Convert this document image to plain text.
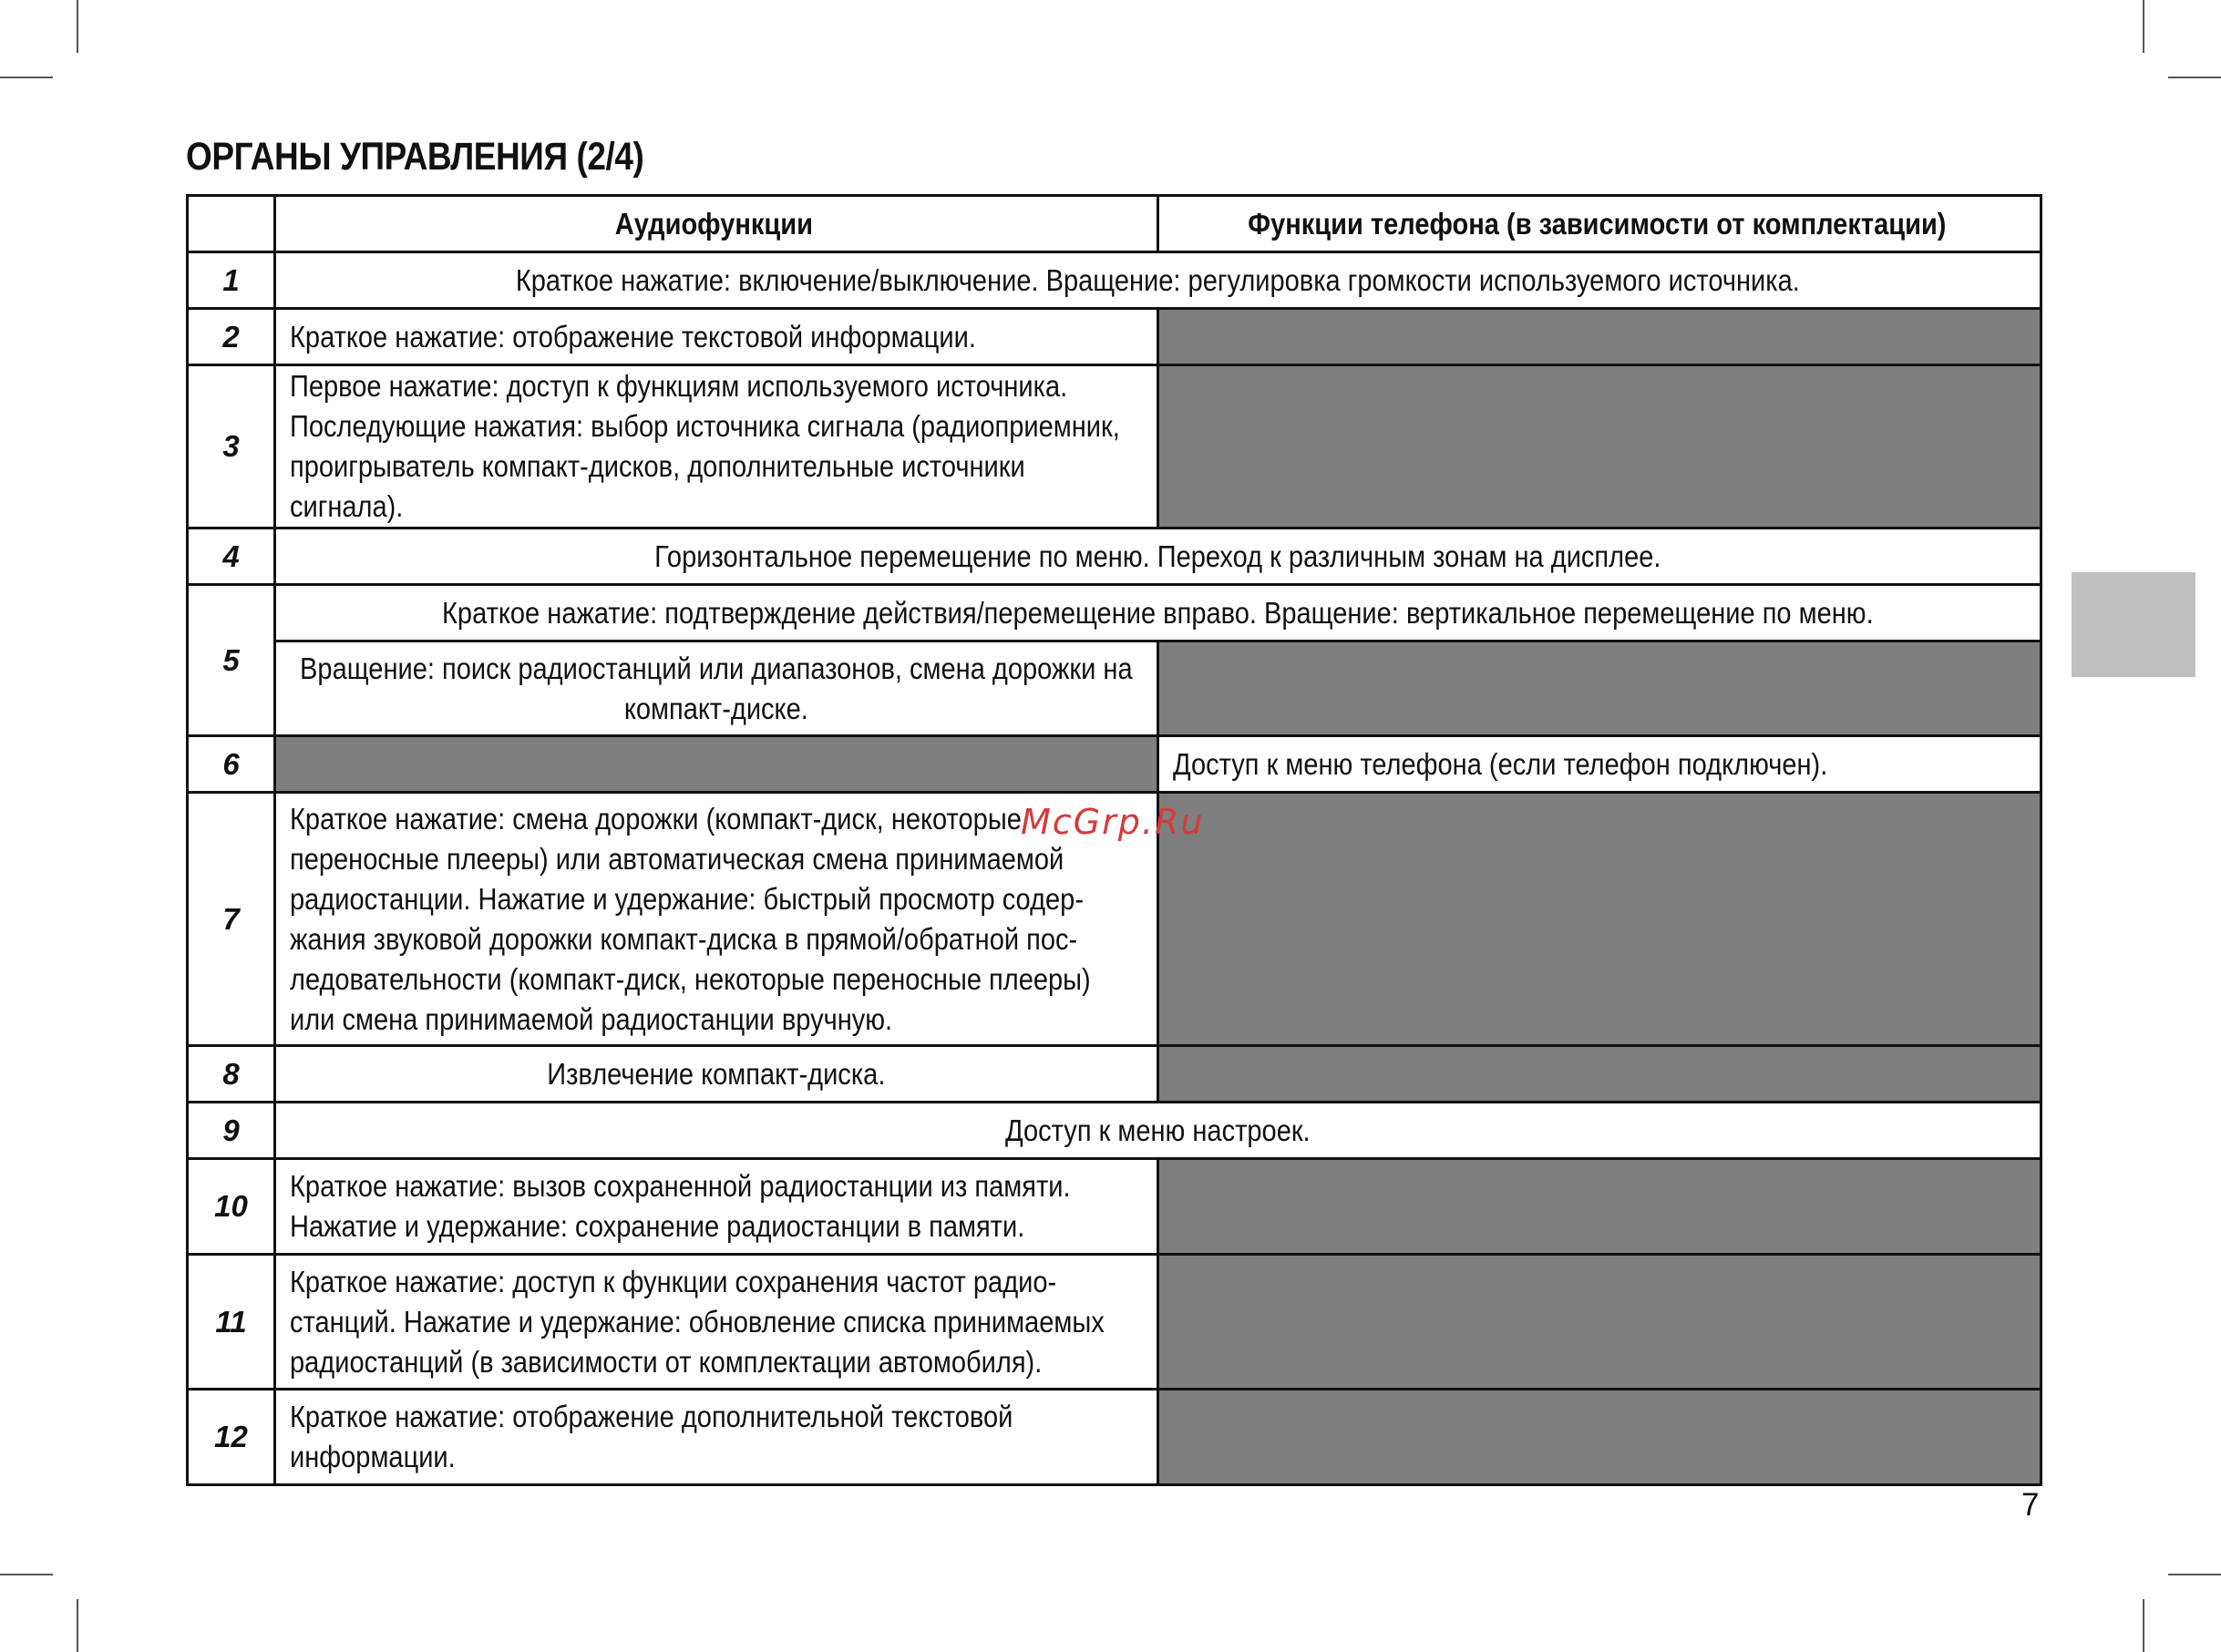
ОРГАНЫ УПРАВЛЕНИЯ (2/4)
	Аудиофункции	Функции телефона (в зависимости от комплектации)
1	Краткое нажатие: включение/выключение. Вращение: регулировка громкости используемого источника.	
2	Краткое нажатие: отображение текстовой информации.	
3	Первое нажатие: доступ к функциям используемого источника. Последующие нажатия: выбор источника сигнала (радиоприемник, проигрыватель компакт-дисков, дополнительные источники сигнала).	
4	Горизонтальное перемещение по меню. Переход к различным зонам на дисплее.	
5	Краткое нажатие: подтверждение действия/перемещение вправо. Вращение: вертикальное перемещение по меню.	
	Вращение: поиск радиостанций или диапазонов, смена дорожки на компакт-диске.	
6		Доступ к меню телефона (если телефон подключен).
7	Краткое нажатие: смена дорожки (компакт-диск, некоторые переносные плееры) или автоматическая смена принимаемой радиостанции. Нажатие и удержание: быстрый просмотр содер-жания звуковой дорожки компакт-диска в прямой/обратной пос-ледовательности (компакт-диск, некоторые переносные плееры) или смена принимаемой радиостанции вручную.	
8	Извлечение компакт-диска.	
9	Доступ к меню настроек.	
10	Краткое нажатие: вызов сохраненной радиостанции из памяти. Нажатие и удержание: сохранение радиостанции в памяти.	
11	Краткое нажатие: доступ к функции сохранения частот радио-станций. Нажатие и удержание: обновление списка принимаемых радиостанций (в зависимости от комплектации автомобиля).	
12	Краткое нажатие: отображение дополнительной текстовой информации.	
McGrp.Ru
7
